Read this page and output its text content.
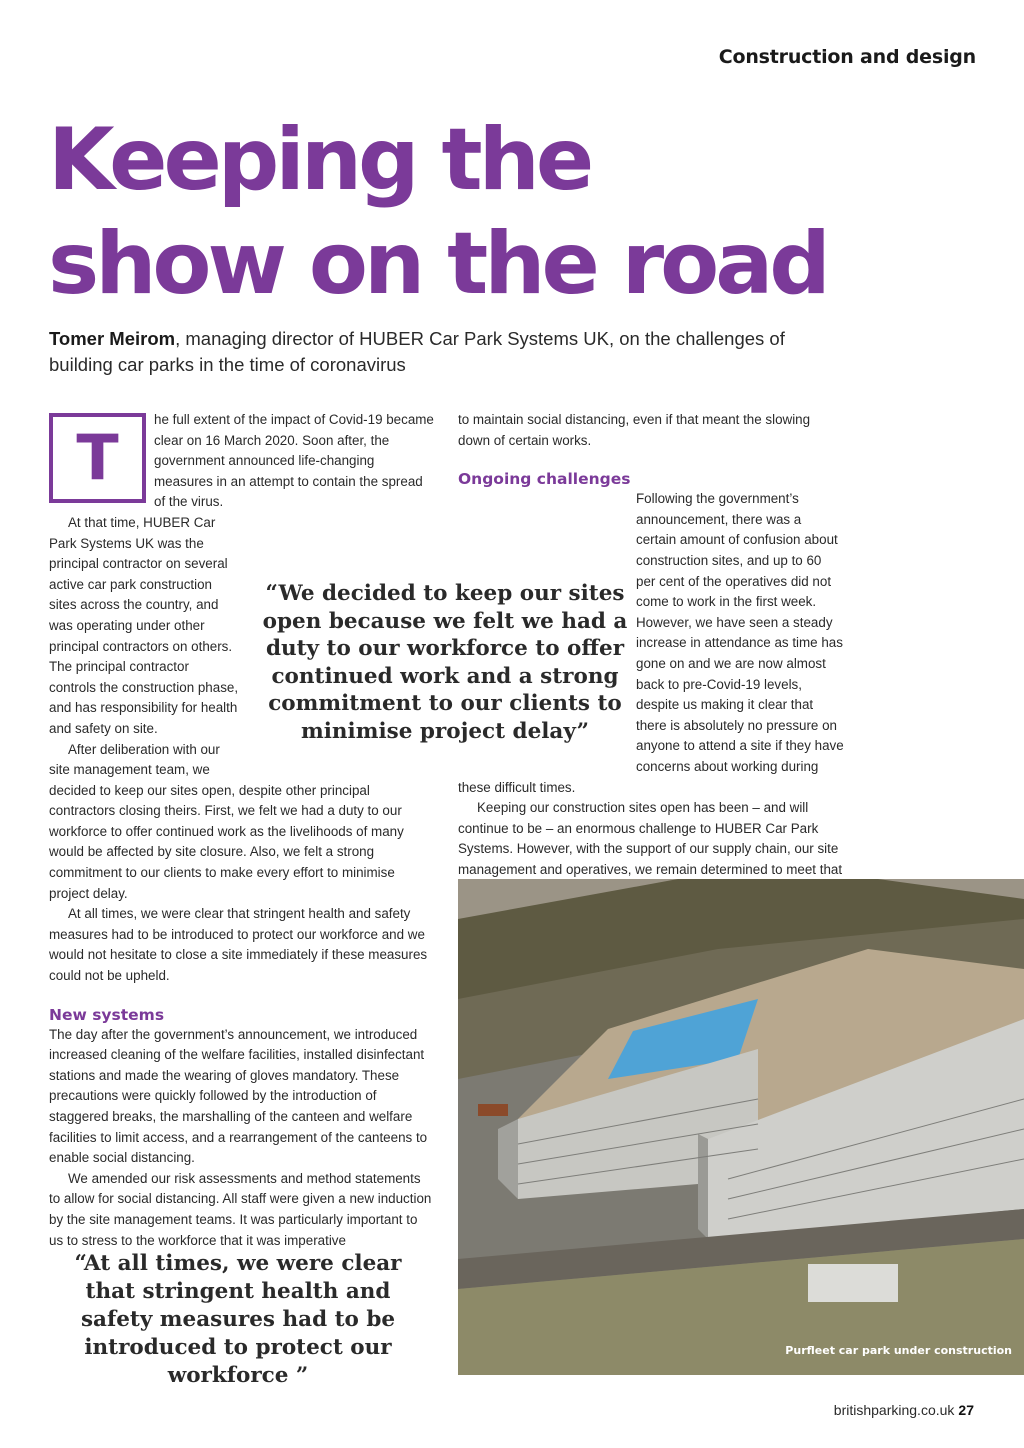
Construction and design
Keeping the
show on the road
Tomer Meirom, managing director of HUBER Car Park Systems UK, on the challenges of building car parks in the time of coronavirus
T

he full extent of the impact of Covid-19 became clear on 16 March 2020. Soon after, the government announced life-changing measures in an attempt to contain the spread of the virus.

At that time, HUBER Car Park Systems UK was the principal contractor on several active car park construction sites across the country, and was operating under other principal contractors on others. The principal contractor controls the construction phase, and has responsibility for health and safety on site.

After deliberation with our site management team, we decided to keep our sites open, despite other principal contractors closing theirs. First, we felt we had a duty to our workforce to offer continued work as the livelihoods of many would be affected by site closure. Also, we felt a strong commitment to our clients to make every effort to minimise project delay.

At all times, we were clear that stringent health and safety measures had to be introduced to protect our workforce and we would not hesitate to close a site immediately if these measures could not be upheld.

New systems

The day after the government’s announcement, we introduced increased cleaning of the welfare facilities, installed disinfectant stations and made the wearing of gloves mandatory. These precautions were quickly followed by the introduction of staggered breaks, the marshalling of the canteen and welfare facilities to limit access, and a rearrangement of the canteens to enable social distancing.

We amended our risk assessments and method statements to allow for social distancing. All staff were given a new induction by the site management teams. It was particularly important to us to stress to the workforce that it was imperative

to maintain social distancing, even if that meant the slowing down of certain works.

Ongoing challenges

Following the government’s announcement, there was a certain amount of confusion about construction sites, and up to 60 per cent of the operatives did not come to work in the first week. However, we have seen a steady increase in attendance as time has gone on and we are now almost back to pre-Covid-19 levels, despite us making it clear that there is absolutely no pressure on anyone to attend a site if they have concerns about working during these difficult times.

Keeping our construction sites open has been – and will continue to be – an enormous challenge to HUBER Car Park Systems. However, with the support of our supply chain, our site management and operatives, we remain determined to meet that

“We decided to keep our sites open because we felt we had a duty to our workforce to offer continued work and a strong commitment to our clients to minimise project delay”
“At all times, we were clear that stringent health and safety measures had to be introduced to protect our workforce ”
Purfleet car park under construction
britishparking.co.uk 27
